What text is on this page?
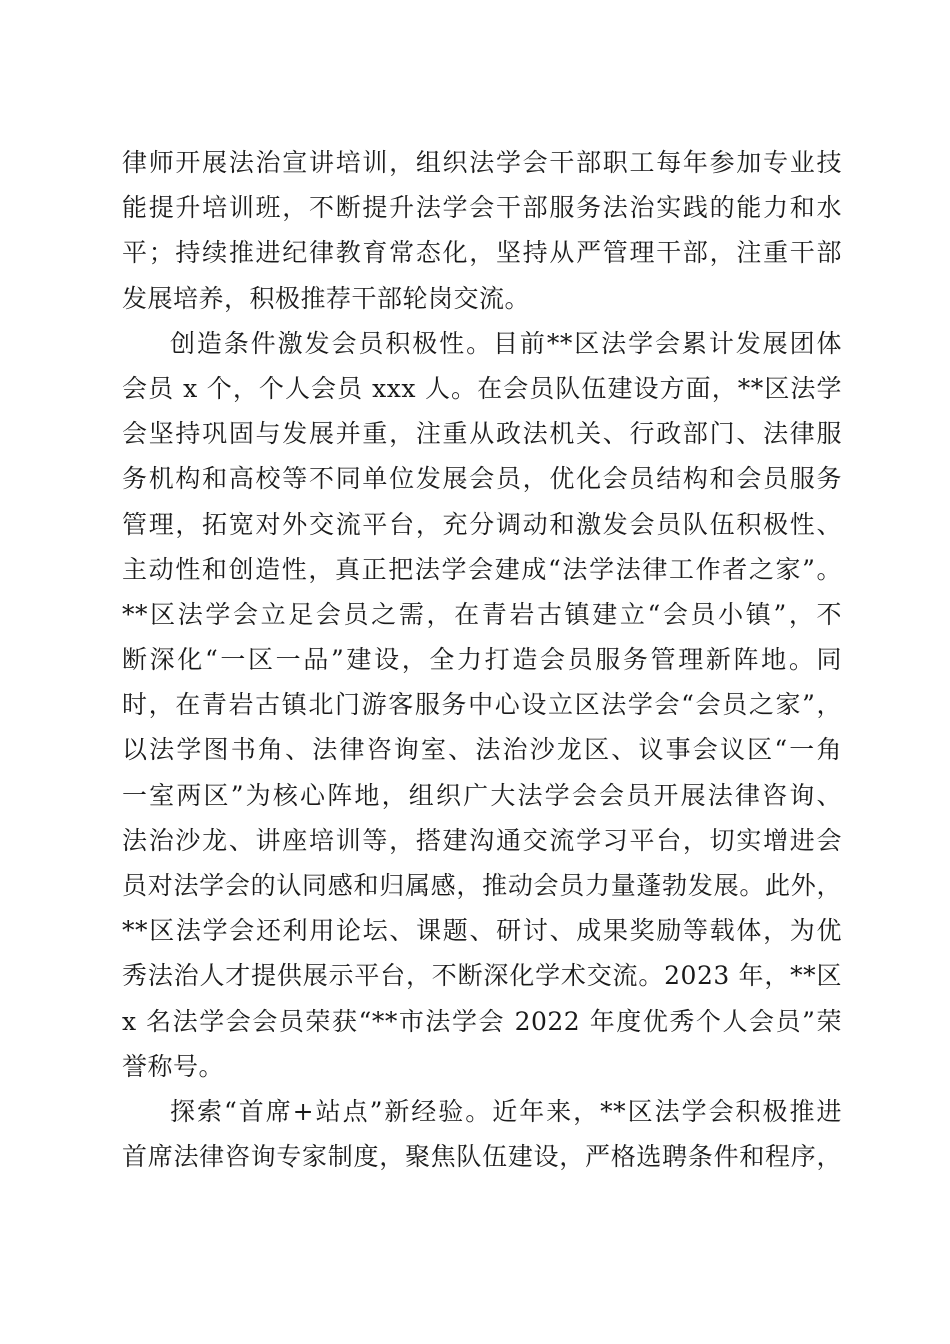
律师开展法治宣讲培训，组织法学会干部职工每年参加专业技
能提升培训班，不断提升法学会干部服务法治实践的能力和水
平；持续推进纪律教育常态化，坚持从严管理干部，注重干部
发展培养，积极推荐干部轮岗交流。
创造条件激发会员积极性。目前**区法学会累计发展团体
会员 x 个，个人会员 xxx 人。在会员队伍建设方面，**区法学
会坚持巩固与发展并重，注重从政法机关、行政部门、法律服
务机构和高校等不同单位发展会员，优化会员结构和会员服务
管理，拓宽对外交流平台，充分调动和激发会员队伍积极性、
主动性和创造性，真正把法学会建成“法学法律工作者之家”。
**区法学会立足会员之需，在青岩古镇建立“会员小镇”，不
断深化“一区一品”建设，全力打造会员服务管理新阵地。同
时，在青岩古镇北门游客服务中心设立区法学会“会员之家”，
以法学图书角、法律咨询室、法治沙龙区、议事会议区“一角
一室两区”为核心阵地，组织广大法学会会员开展法律咨询、
法治沙龙、讲座培训等，搭建沟通交流学习平台，切实增进会
员对法学会的认同感和归属感，推动会员力量蓬勃发展。此外，
**区法学会还利用论坛、课题、研讨、成果奖励等载体，为优
秀法治人才提供展示平台，不断深化学术交流。2023 年，**区
x 名法学会会员荣获“**市法学会 2022 年度优秀个人会员”荣
誉称号。
探索“首席+站点”新经验。近年来，**区法学会积极推进
首席法律咨询专家制度，聚焦队伍建设，严格选聘条件和程序，
